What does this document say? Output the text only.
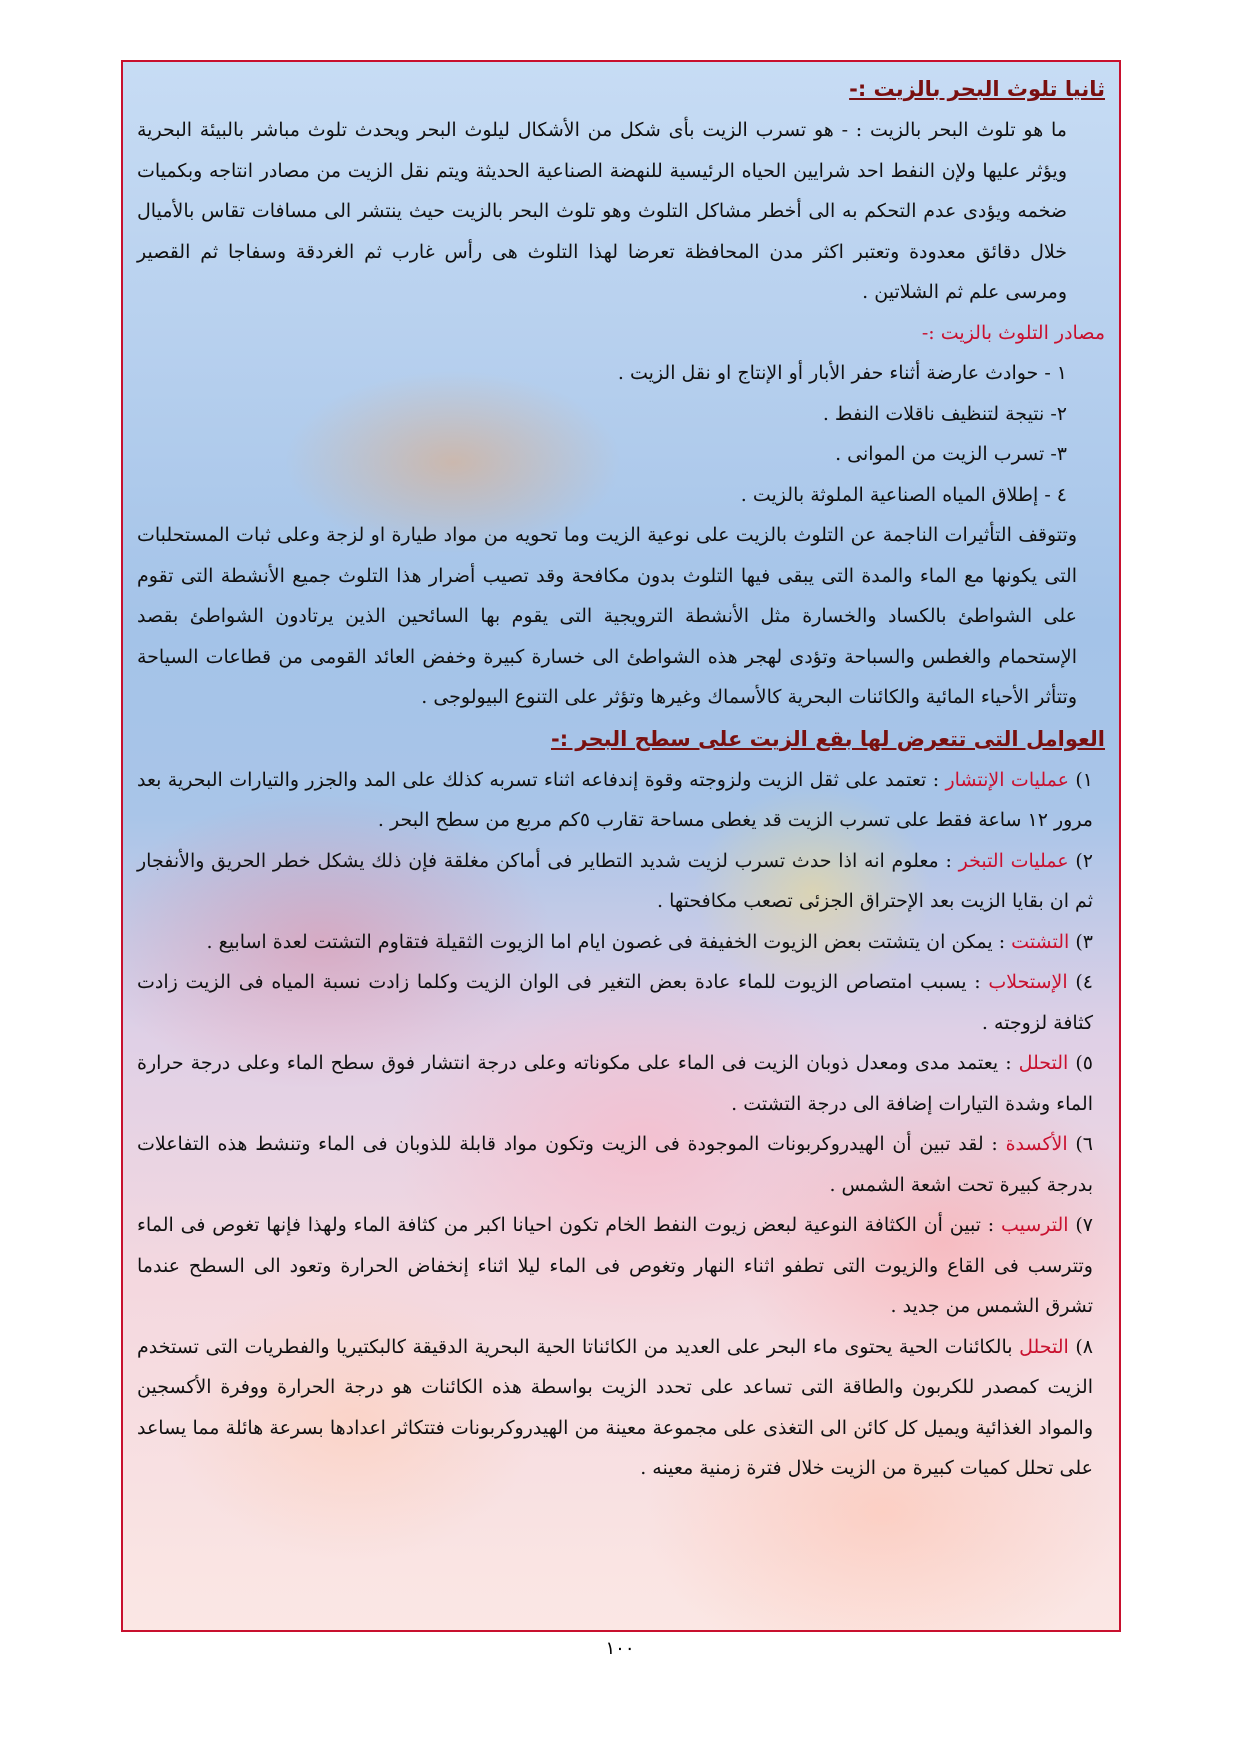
ثانيا تلوث البحر بالزيت :-

ما هو تلوث البحر بالزيت : - هو تسرب الزيت بأى شكل من الأشكال ليلوث البحر ويحدث تلوث مباشر بالبيئة البحرية ويؤثر عليها ولإن النفط احد شرايين الحياه الرئيسية للنهضة الصناعية الحديثة ويتم نقل الزيت من مصادر انتاجه وبكميات ضخمه ويؤدى عدم التحكم به الى أخطر مشاكل التلوث وهو تلوث البحر بالزيت حيث ينتشر الى مسافات تقاس بالأميال خلال دقائق معدودة وتعتبر اكثر مدن المحافظة تعرضا لهذا التلوث هى رأس غارب ثم الغردقة وسفاجا ثم القصير ومرسى علم ثم الشلاتين .

مصادر التلوث بالزيت :-

١ - حوادث عارضة أثناء حفر الأبار أو الإنتاج او نقل الزيت .

٢- نتيجة لتنظيف ناقلات النفط .

٣- تسرب الزيت من الموانى .

٤ - إطلاق المياه الصناعية الملوثة بالزيت .

وتتوقف التأثيرات الناجمة عن التلوث بالزيت على نوعية الزيت وما تحويه من مواد طيارة او لزجة وعلى ثبات المستحلبات التى يكونها مع الماء والمدة التى يبقى فيها التلوث بدون مكافحة وقد تصيب أضرار هذا التلوث جميع الأنشطة التى تقوم على الشواطئ بالكساد والخسارة مثل الأنشطة الترويجية التى يقوم بها السائحين الذين يرتادون الشواطئ بقصد الإستحمام والغطس والسباحة وتؤدى لهجر هذه الشواطئ الى خسارة كبيرة وخفض العائد القومى من قطاعات السياحة وتتأثر الأحياء المائية والكائنات البحرية كالأسماك وغيرها وتؤثر على التنوع البيولوجى .

العوامل التى تتعرض لها بقع الزيت على سطح البحر :-

١) عمليات الإنتشار : تعتمد على ثقل الزيت ولزوجته وقوة إندفاعه اثناء تسربه كذلك على المد والجزر والتيارات البحرية بعد مرور ١٢ ساعة فقط على تسرب الزيت قد يغطى مساحة تقارب ٥كم مربع من سطح البحر .

٢) عمليات التبخر : معلوم انه اذا حدث تسرب لزيت شديد التطاير فى أماكن مغلقة فإن ذلك يشكل خطر الحريق والأنفجار ثم ان بقايا الزيت بعد الإحتراق الجزئى تصعب مكافحتها .

٣) التشتت : يمكن ان يتشتت بعض الزيوت الخفيفة فى غصون ايام اما الزيوت الثقيلة فتقاوم التشتت لعدة اسابيع .

٤) الإستحلاب : يسبب امتصاص الزيوت للماء عادة بعض التغير فى الوان الزيت وكلما زادت نسبة المياه فى الزيت زادت كثافة لزوجته .

٥) التحلل : يعتمد مدى ومعدل ذوبان الزيت فى الماء على مكوناته وعلى درجة انتشار فوق سطح الماء وعلى درجة حرارة الماء وشدة التيارات إضافة الى درجة التشتت .

٦) الأكسدة : لقد تبين أن الهيدروكربونات الموجودة فى الزيت وتكون مواد قابلة للذوبان فى الماء وتنشط هذه التفاعلات بدرجة كبيرة تحت اشعة الشمس .

٧) الترسيب : تبين أن الكثافة النوعية لبعض زيوت النفط الخام تكون احيانا اكبر من كثافة الماء ولهذا فإنها تغوص فى الماء وتترسب فى القاع والزيوت التى تطفو اثناء النهار وتغوص فى الماء ليلا اثناء إنخفاض الحرارة وتعود الى السطح عندما تشرق الشمس من جديد .

٨) التحلل بالكائنات الحية يحتوى ماء البحر على العديد من الكائناتا الحية البحرية الدقيقة كالبكتيريا والفطريات التى تستخدم الزيت كمصدر للكربون والطاقة التى تساعد على تحدد الزيت بواسطة هذه الكائنات هو درجة الحرارة ووفرة الأكسجين والمواد الغذائية ويميل كل كائن الى التغذى على مجموعة معينة من الهيدروكربونات فتتكاثر اعدادها بسرعة هائلة مما يساعد على تحلل كميات كبيرة من الزيت خلال فترة زمنية معينه .

١٠٠
